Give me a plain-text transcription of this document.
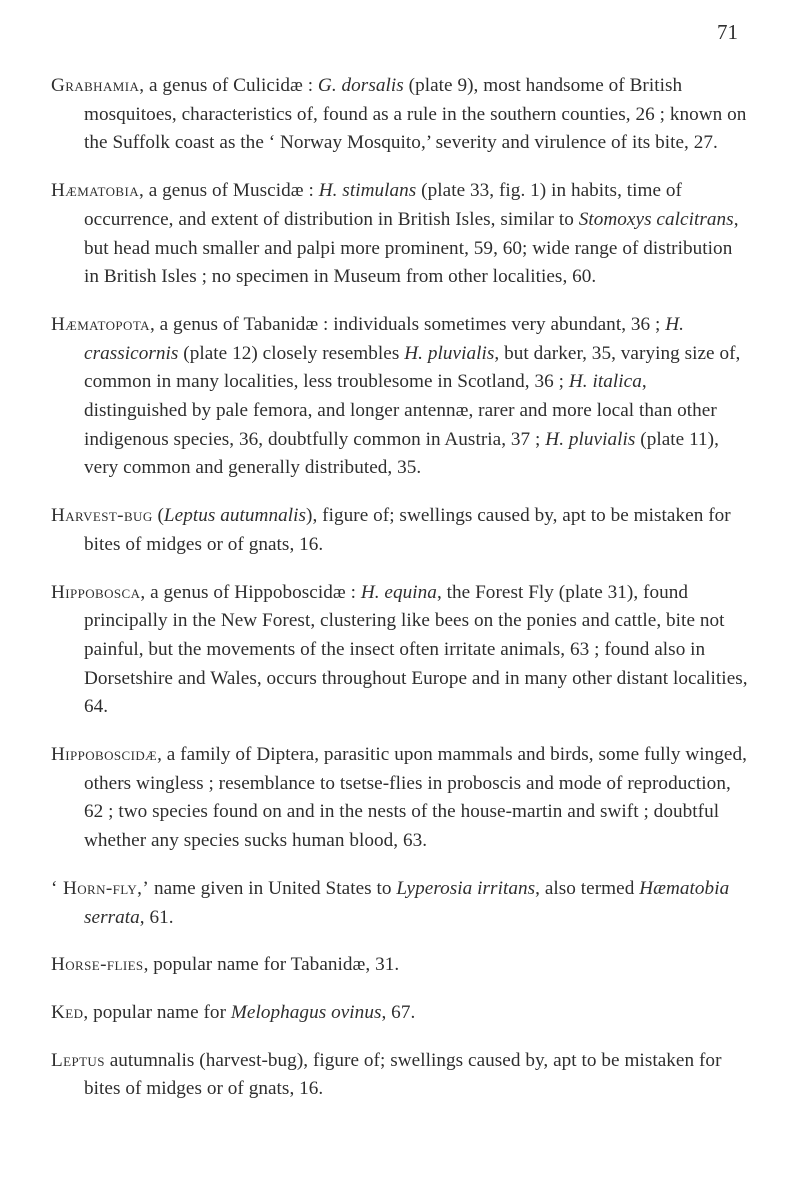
71

Grabhamia, a genus of Culicidæ : G. dorsalis (plate 9), most handsome of British mosquitoes, characteristics of, found as a rule in the southern counties, 26 ; known on the Suffolk coast as the ‘ Norway Mosquito,’ severity and virulence of its bite, 27.

Hæmatobia, a genus of Muscidæ : H. stimulans (plate 33, fig. 1) in habits, time of occurrence, and extent of distribution in British Isles, similar to Stomoxys calcitrans, but head much smaller and palpi more prominent, 59, 60; wide range of distribution in British Isles ; no specimen in Museum from other localities, 60.

Hæmatopota, a genus of Tabanidæ : individuals sometimes very abundant, 36 ; H. crassicornis (plate 12) closely resembles H. pluvialis, but darker, 35, varying size of, common in many localities, less troublesome in Scotland, 36 ; H. italica, distinguished by pale femora, and longer antennæ, rarer and more local than other indigenous species, 36, doubtfully common in Austria, 37 ; H. pluvialis (plate 11), very common and generally distributed, 35.

Harvest-bug (Leptus autumnalis), figure of; swellings caused by, apt to be mistaken for bites of midges or of gnats, 16.

Hippobosca, a genus of Hippoboscidæ : H. equina, the Forest Fly (plate 31), found principally in the New Forest, clustering like bees on the ponies and cattle, bite not painful, but the movements of the insect often irritate animals, 63 ; found also in Dorsetshire and Wales, occurs throughout Europe and in many other distant localities, 64.

Hippoboscidæ, a family of Diptera, parasitic upon mammals and birds, some fully winged, others wingless ; resemblance to tsetse-flies in proboscis and mode of reproduction, 62 ; two species found on and in the nests of the house-martin and swift ; doubtful whether any species sucks human blood, 63.

‘ Horn-fly,’ name given in United States to Lyperosia irritans, also termed Hæmatobia serrata, 61.

Horse-flies, popular name for Tabanidæ, 31.

Ked, popular name for Melophagus ovinus, 67.

Leptus autumnalis (harvest-bug), figure of; swellings caused by, apt to be mistaken for bites of midges or of gnats, 16.
